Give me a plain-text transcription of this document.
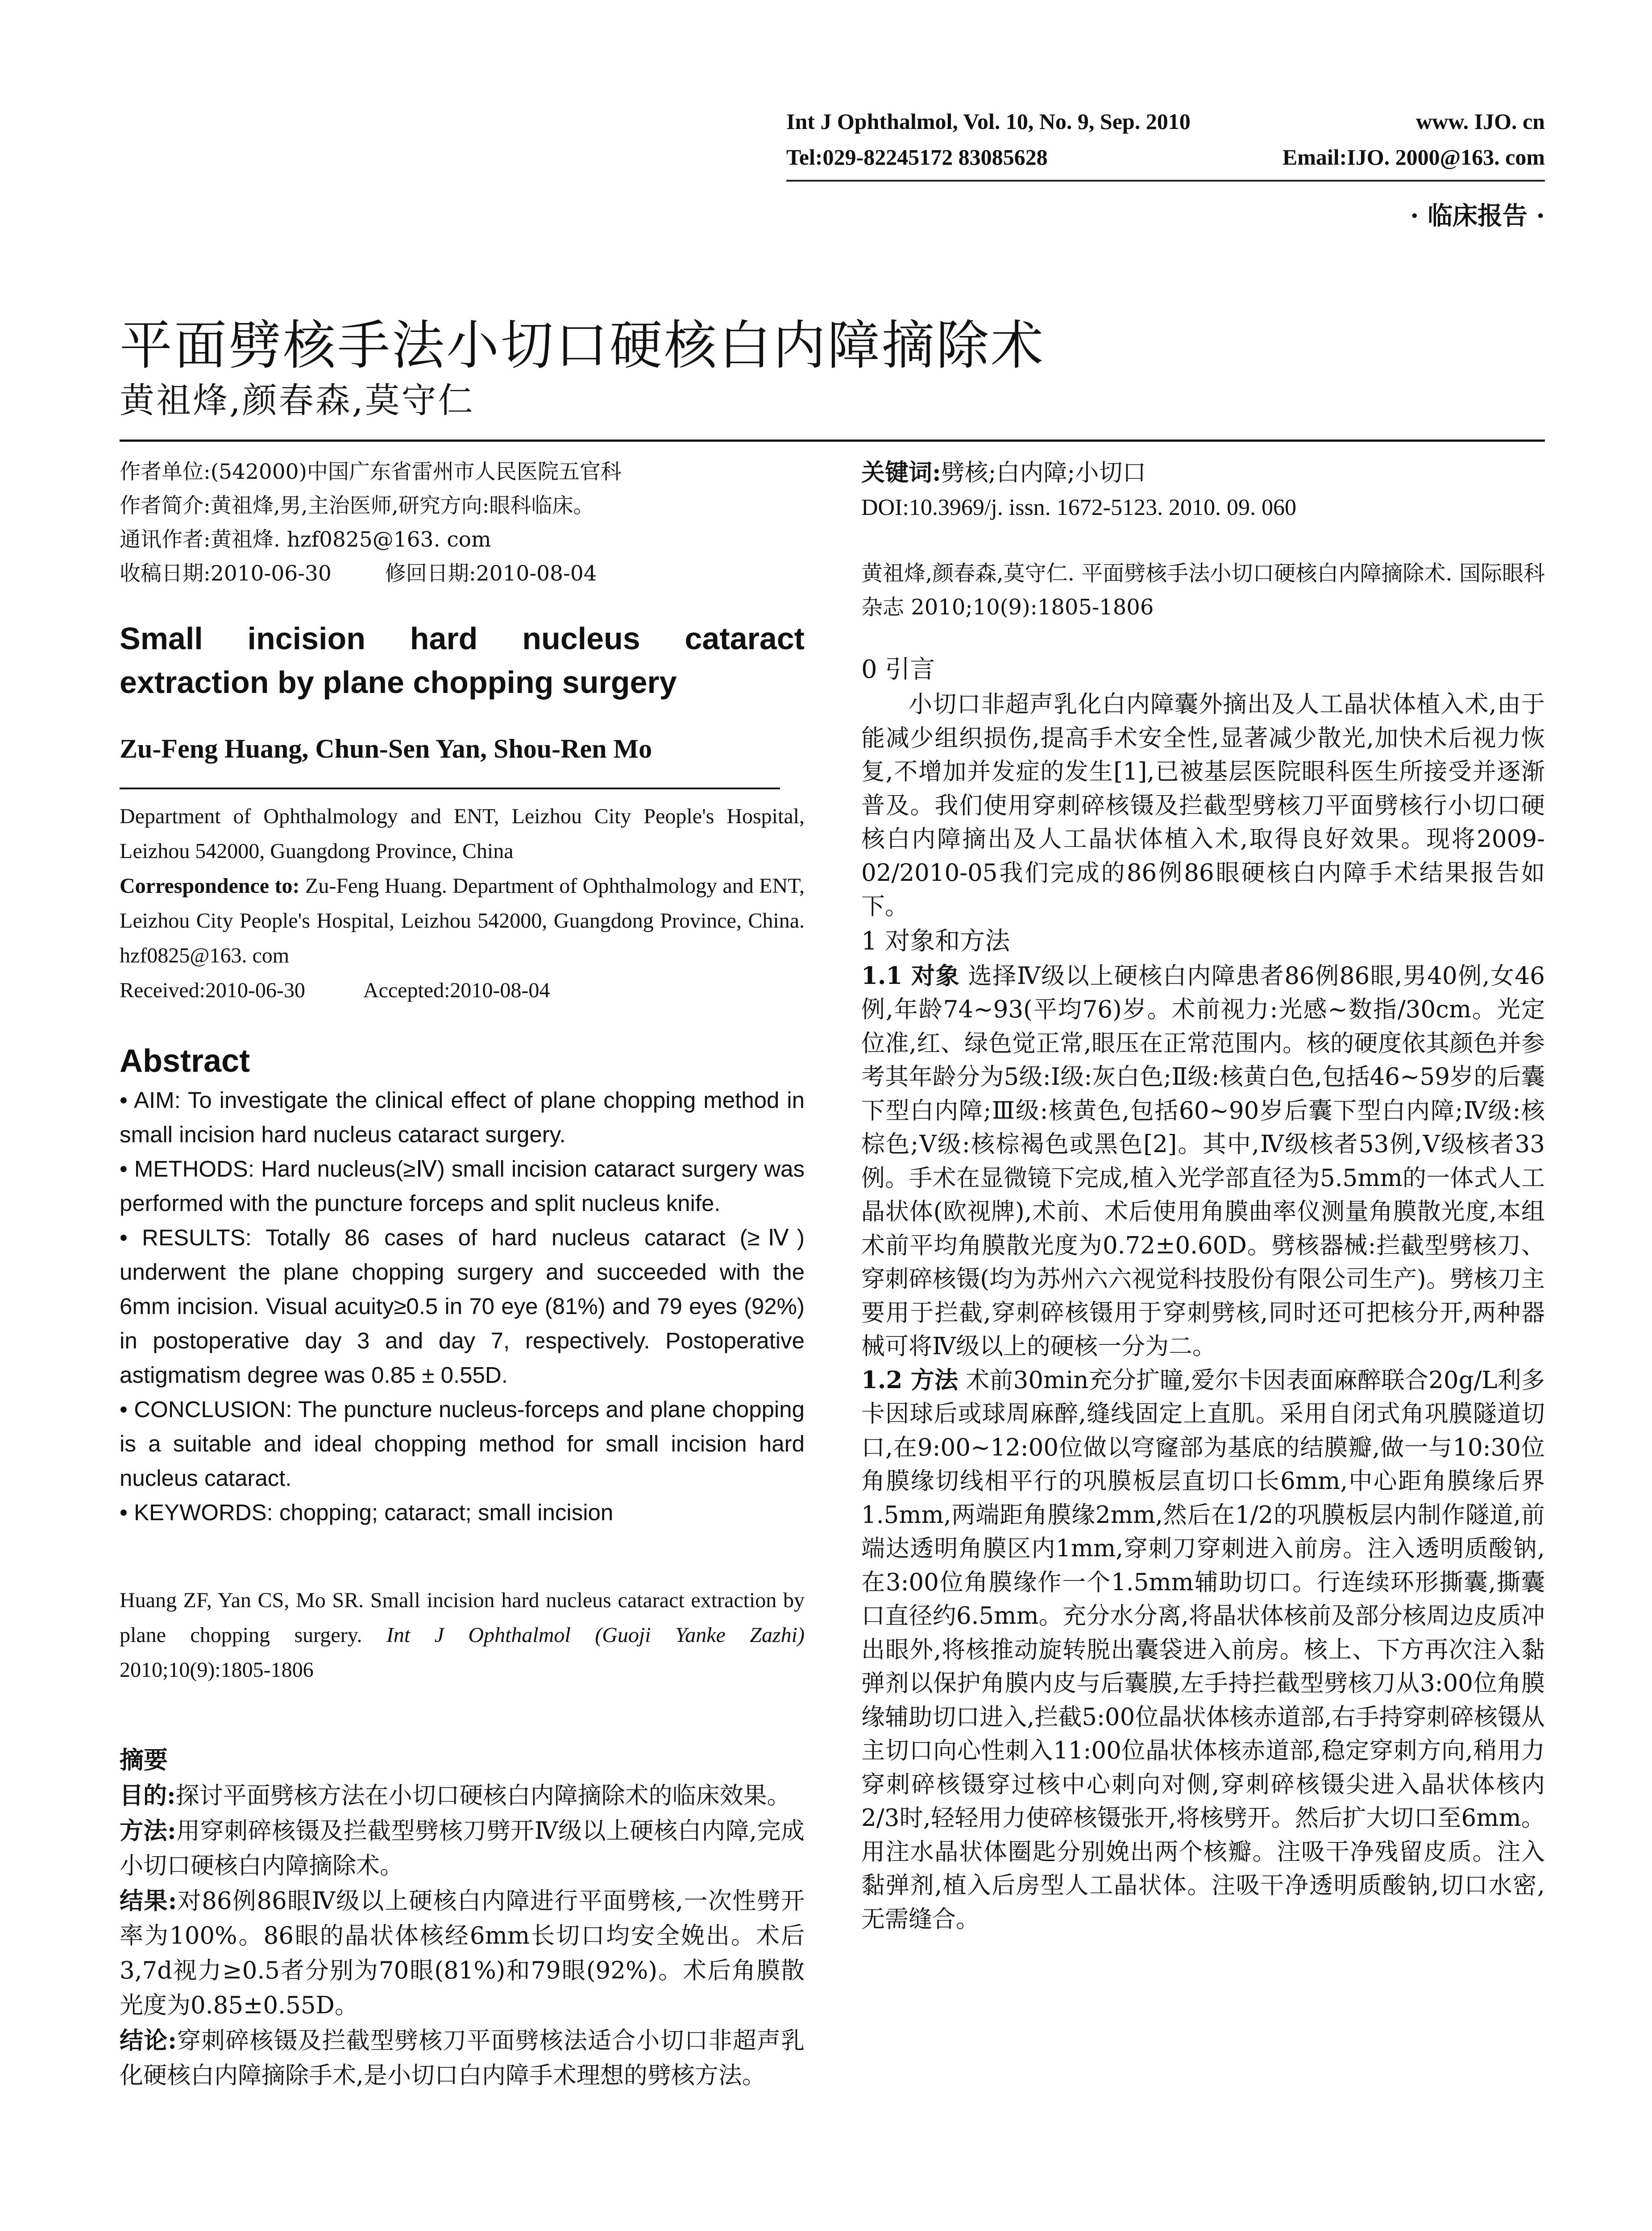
Int J Ophthalmol, Vol. 10, No. 9, Sep. 2010	www. IJO. cn
Tel:029-82245172 83085628	Email:IJO. 2000@163. com
· 临床报告 ·
平面劈核手法小切口硬核白内障摘除术
黄祖烽,颜春森,莫守仁

作者单位:(542000)中国广东省雷州市人民医院五官科

作者简介:黄祖烽,男,主治医师,研究方向:眼科临床。

通讯作者:黄祖烽. hzf0825@163. com

收稿日期:2010-06-30	修回日期:2010-08-04

Small incision hard nucleus cataract extraction by plane chopping surgery
Zu-Feng Huang, Chun-Sen Yan, Shou-Ren Mo

Department of Ophthalmology and ENT, Leizhou City People's Hospital, Leizhou 542000, Guangdong Province, China

Correspondence to: Zu-Feng Huang. Department of Ophthalmology and ENT, Leizhou City People's Hospital, Leizhou 542000, Guangdong Province, China. hzf0825@163. com

Received:2010-06-30	Accepted:2010-08-04

Abstract

• AIM: To investigate the clinical effect of plane chopping method in small incision hard nucleus cataract surgery.

• METHODS: Hard nucleus(≥Ⅳ) small incision cataract surgery was performed with the puncture forceps and split nucleus knife.

• RESULTS: Totally 86 cases of hard nucleus cataract (≥Ⅳ) underwent the plane chopping surgery and succeeded with the 6mm incision. Visual acuity≥0.5 in 70 eye (81%) and 79 eyes (92%) in postoperative day 3 and day 7, respectively. Postoperative astigmatism degree was 0.85 ± 0.55D.

• CONCLUSION: The puncture nucleus-forceps and plane chopping is a suitable and ideal chopping method for small incision hard nucleus cataract.

• KEYWORDS: chopping; cataract; small incision

Huang ZF, Yan CS, Mo SR. Small incision hard nucleus cataract extraction by plane chopping surgery. Int J Ophthalmol (Guoji Yanke Zazhi) 2010;10(9):1805-1806

摘要

目的:探讨平面劈核方法在小切口硬核白内障摘除术的临床效果。

方法:用穿刺碎核镊及拦截型劈核刀劈开Ⅳ级以上硬核白内障,完成小切口硬核白内障摘除术。

结果:对86例86眼Ⅳ级以上硬核白内障进行平面劈核,一次性劈开率为100%。86眼的晶状体核经6mm长切口均安全娩出。术后3,7d视力≥0.5者分别为70眼(81%)和79眼(92%)。术后角膜散光度为0.85±0.55D。

结论:穿刺碎核镊及拦截型劈核刀平面劈核法适合小切口非超声乳化硬核白内障摘除手术,是小切口白内障手术理想的劈核方法。

关键词:劈核;白内障;小切口

DOI:10.3969/j. issn. 1672-5123. 2010. 09. 060

黄祖烽,颜春森,莫守仁. 平面劈核手法小切口硬核白内障摘除术. 国际眼科杂志 2010;10(9):1805-1806

0 引言

小切口非超声乳化白内障囊外摘出及人工晶状体植入术,由于能减少组织损伤,提高手术安全性,显著减少散光,加快术后视力恢复,不增加并发症的发生[1],已被基层医院眼科医生所接受并逐渐普及。我们使用穿刺碎核镊及拦截型劈核刀平面劈核行小切口硬核白内障摘出及人工晶状体植入术,取得良好效果。现将2009-02/2010-05我们完成的86例86眼硬核白内障手术结果报告如下。

1 对象和方法

1.1 对象 选择Ⅳ级以上硬核白内障患者86例86眼,男40例,女46例,年龄74~93(平均76)岁。术前视力:光感~数指/30cm。光定位准,红、绿色觉正常,眼压在正常范围内。核的硬度依其颜色并参考其年龄分为5级:Ⅰ级:灰白色;Ⅱ级:核黄白色,包括46~59岁的后囊下型白内障;Ⅲ级:核黄色,包括60~90岁后囊下型白内障;Ⅳ级:核棕色;Ⅴ级:核棕褐色或黑色[2]。其中,Ⅳ级核者53例,Ⅴ级核者33例。手术在显微镜下完成,植入光学部直径为5.5mm的一体式人工晶状体(欧视牌),术前、术后使用角膜曲率仪测量角膜散光度,本组术前平均角膜散光度为0.72±0.60D。劈核器械:拦截型劈核刀、穿刺碎核镊(均为苏州六六视觉科技股份有限公司生产)。劈核刀主要用于拦截,穿刺碎核镊用于穿刺劈核,同时还可把核分开,两种器械可将Ⅳ级以上的硬核一分为二。

1.2 方法 术前30min充分扩瞳,爱尔卡因表面麻醉联合20g/L利多卡因球后或球周麻醉,缝线固定上直肌。采用自闭式角巩膜隧道切口,在9:00~12:00位做以穹窿部为基底的结膜瓣,做一与10:30位角膜缘切线相平行的巩膜板层直切口长6mm,中心距角膜缘后界1.5mm,两端距角膜缘2mm,然后在1/2的巩膜板层内制作隧道,前端达透明角膜区内1mm,穿刺刀穿刺进入前房。注入透明质酸钠,在3:00位角膜缘作一个1.5mm辅助切口。行连续环形撕囊,撕囊口直径约6.5mm。充分水分离,将晶状体核前及部分核周边皮质冲出眼外,将核推动旋转脱出囊袋进入前房。核上、下方再次注入黏弹剂以保护角膜内皮与后囊膜,左手持拦截型劈核刀从3:00位角膜缘辅助切口进入,拦截5:00位晶状体核赤道部,右手持穿刺碎核镊从主切口向心性刺入11:00位晶状体核赤道部,稳定穿刺方向,稍用力穿刺碎核镊穿过核中心刺向对侧,穿刺碎核镊尖进入晶状体核内2/3时,轻轻用力使碎核镊张开,将核劈开。然后扩大切口至6mm。用注水晶状体圈匙分别娩出两个核瓣。注吸干净残留皮质。注入黏弹剂,植入后房型人工晶状体。注吸干净透明质酸钠,切口水密,无需缝合。
